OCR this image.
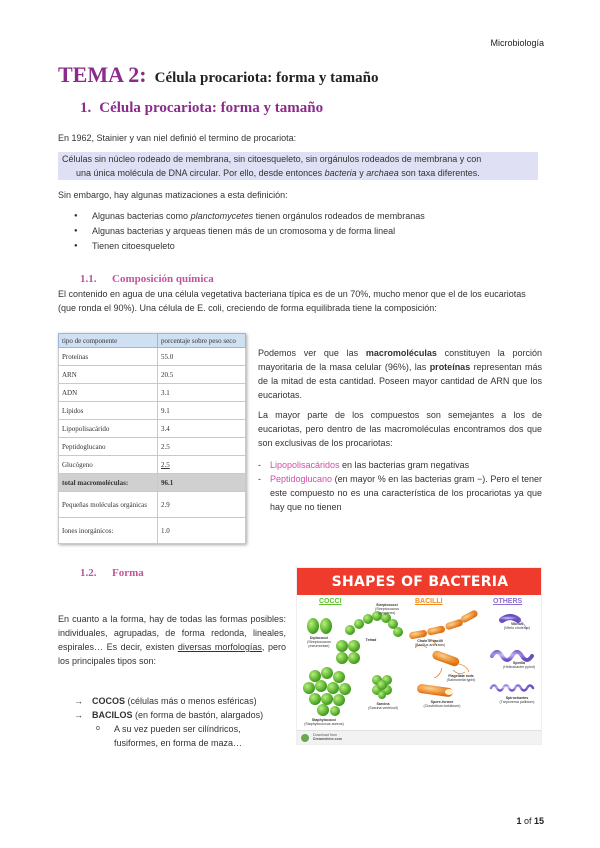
Microbiología
TEMA 2: Célula procariota: forma y tamaño
1. Célula procariota: forma y tamaño
En 1962, Stainier y van niel definió el termino de procariota:
Células sin núcleo rodeado de membrana, sin citoesqueleto, sin orgánulos rodeados de membrana y con
una única molécula de DNA circular. Por ello, desde entonces bacteria y archaea son taxa diferentes.
Sin embargo, hay algunas matizaciones a esta definición:
● Algunas bacterias como planctomycetes tienen orgánulos rodeados de membranas
● Algunas bacterias y arqueas tienen más de un cromosoma y de forma lineal
● Tienen citoesqueleto
1.1. Composición química
El contenido en agua de una célula vegetativa bacteriana típica es de un 70%, mucho menor que el de los eucariotas (que ronda el 90%). Una célula de E. coli, creciendo de forma equilibrada tiene la composición:
tipo de componente	porcentaje sobre peso seco
Proteínas	55.0
ARN	20.5
ADN	3.1
Lípidos	9.1
Lipopolisacárido	3.4
Peptidoglucano	2.5
Glucógeno	2.5
total macromoléculas:	96.1
Pequeñas moléculas orgánicas	2.9
Iones inorgánicos:	1.0
Podemos ver que las macromoléculas constituyen la porción mayoritaria de la masa celular (96%), las proteínas representan más de la mitad de esta cantidad. Poseen mayor cantidad de ARN que los eucariotas.
La mayor parte de los compuestos son semejantes a los de eucariotas, pero dentro de las macromoléculas encontramos dos que son exclusivas de los procariotas:
- Lipopolisacáridos en las bacterias gram negativas
- Peptidoglucano (en mayor % en las bacterias gram −). Pero el tener este compuesto no es una característica de los procariotas ya que hay que no tienen
1.2. Forma
En cuanto a la forma, hay de todas las formas posibles: individuales, agrupadas, de forma redonda, lineales, espirales… Es decir, existen diversas morfologías, pero los principales tipos son:
→ COCOS (células más o menos esféricas)
→ BACILOS (en forma de bastón, alargados)
o A su vez pueden ser cilíndricos,
fusiformes, en forma de maza…
SHAPES OF BACTERIA
COCCI	BACILLI	OTHERS
Streptococci
(Streptococcus pyogenes)
Diplococci
(Streptococcus pneumoniae)
Tetrad	Chain of bacilli
(Bacillus anthracis)
Vibrios
(Vibrio cholerae)
Flagellate rods
(Salmonella typhi)
Spirilla
(Helicobacter pylori)
Staphylococci
(Staphylococcus aureus)
Sarcina
(Sarcina ventriculi)
Spore-former
(Clostridium botulinum)
Spirochaetes
(Treponema pallidum)
Download from
Dreamstime.com
1 of 15
